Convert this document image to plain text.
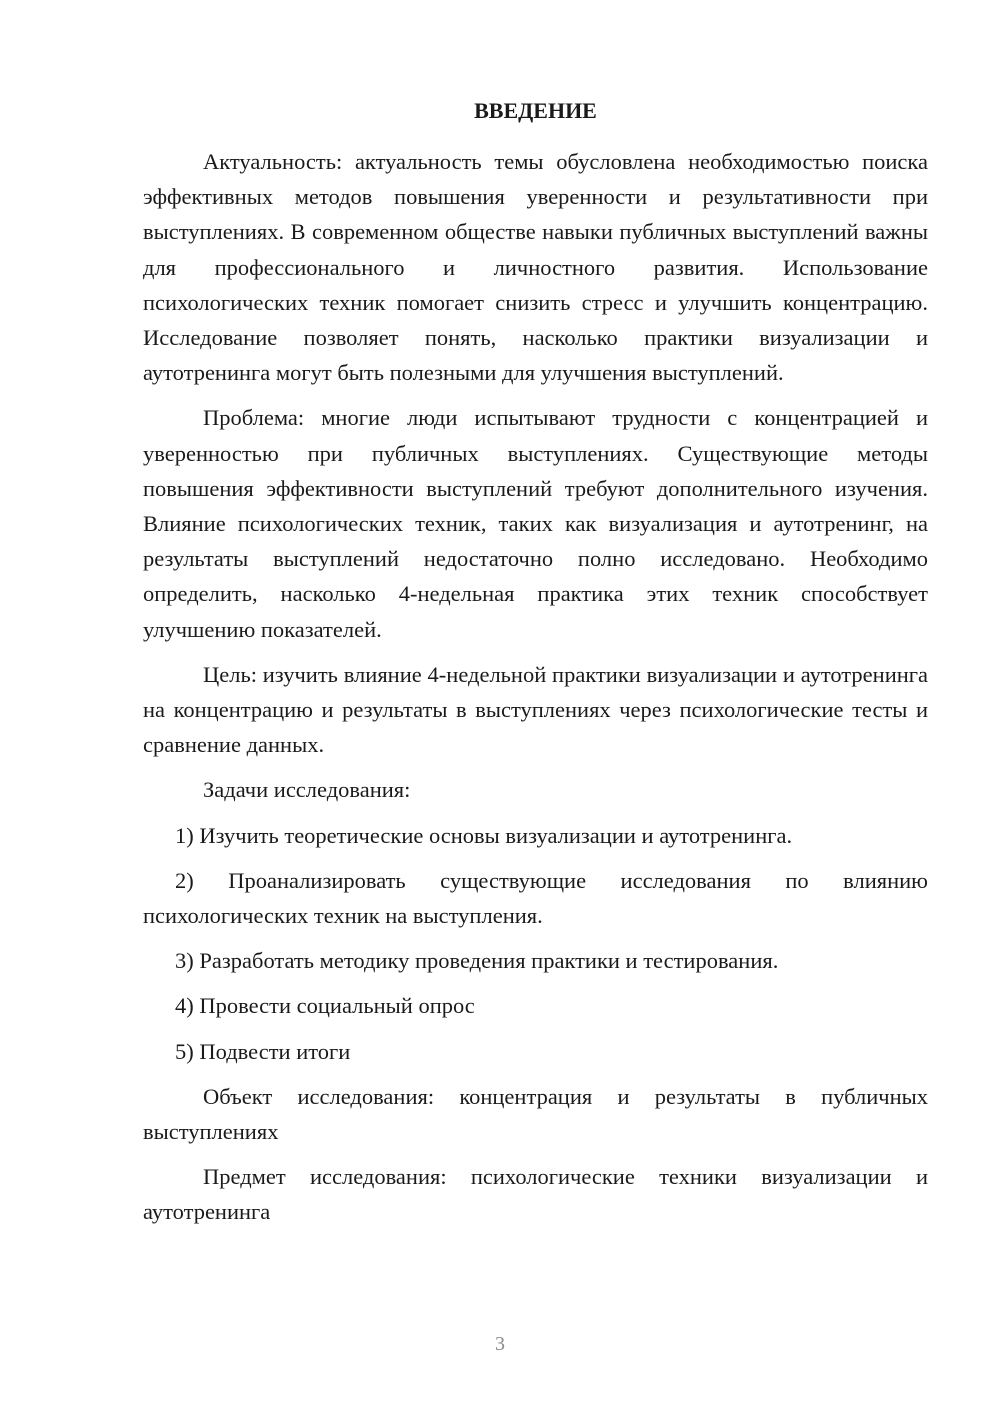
ВВЕДЕНИЕ

Актуальность: актуальность темы обусловлена необходимостью поиска эффективных методов повышения уверенности и результативности при выступлениях. В современном обществе навыки публичных выступлений важны для профессионального и личностного развития. Использование психологических техник помогает снизить стресс и улучшить концентрацию. Исследование позволяет понять, насколько практики визуализации и аутотренинга могут быть полезными для улучшения выступлений.

Проблема: многие люди испытывают трудности с концентрацией и уверенностью при публичных выступлениях. Существующие методы повышения эффективности выступлений требуют дополнительного изучения. Влияние психологических техник, таких как визуализация и аутотренинг, на результаты выступлений недостаточно полно исследовано. Необходимо определить, насколько 4-недельная практика этих техник способствует улучшению показателей.

Цель: изучить влияние 4-недельной практики визуализации и аутотренинга на концентрацию и результаты в выступлениях через психологические тесты и сравнение данных.

Задачи исследования:

1) Изучить теоретические основы визуализации и аутотренинга.

2) Проанализировать существующие исследования по влиянию психологических техник на выступления.

3) Разработать методику проведения практики и тестирования.

4) Провести социальный опрос

5) Подвести итоги

Объект исследования: концентрация и результаты в публичных выступлениях

Предмет исследования: психологические техники визуализации и аутотренинга

3
